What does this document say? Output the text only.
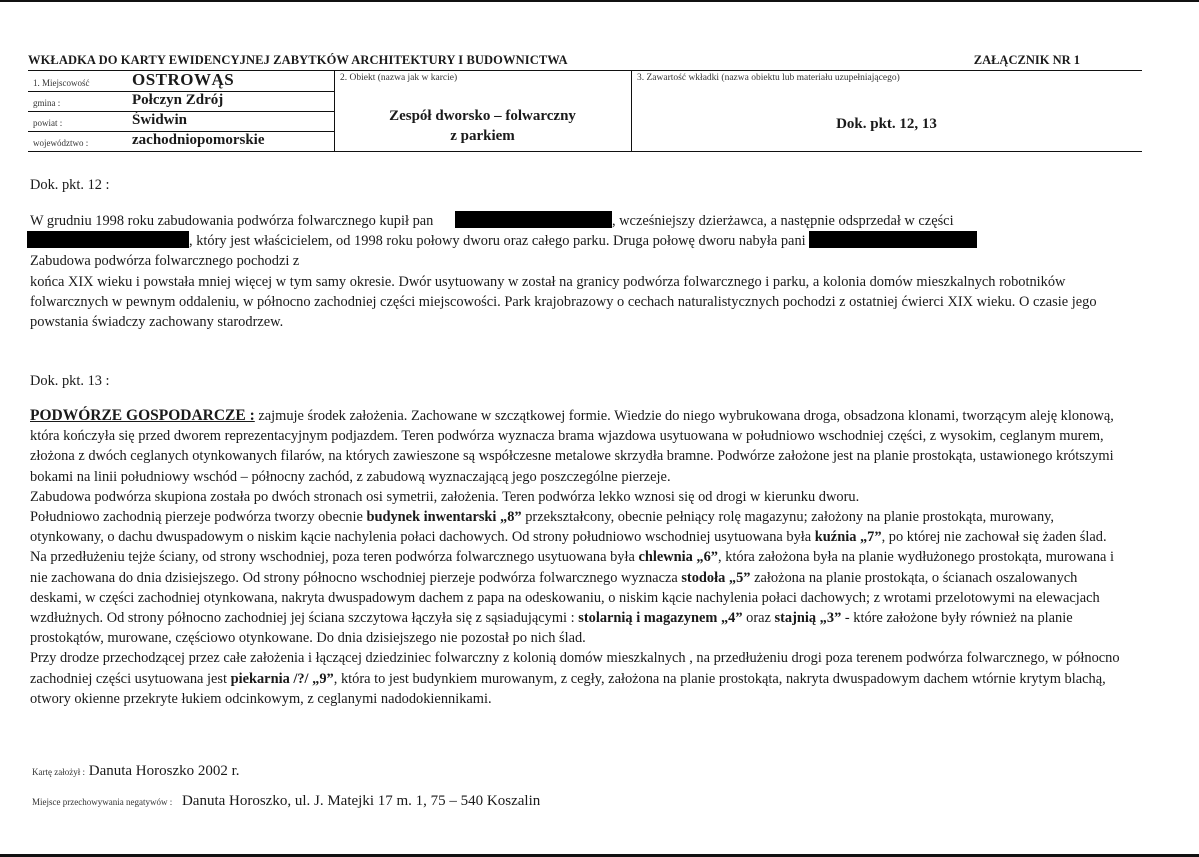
WKŁADKA DO KARTY EWIDENCYJNEJ ZABYTKÓW ARCHITEKTURY I BUDOWNICTWA	ZAŁĄCZNIK NR 1
1. Miejscowość	OSTROWĄS
gmina :	Połczyn Zdrój
powiat :	Świdwin
województwo :	zachodniopomorskie
2. Obiekt (nazwa jak w karcie)
Zespół dworsko – folwarczny
z parkiem
3. Zawartość wkładki (nazwa obiektu lub materiału uzupełniającego)
Dok. pkt. 12, 13
Dok. pkt. 12 :
W grudniu 1998 roku zabudowania podwórza folwarcznego kupił pan	, wcześniejszy dzierżawca, a następnie odsprzedał w części
, który jest właścicielem, od 1998 roku połowy dworu oraz całego parku. Druga połowę dworu nabyła pani
Zabudowa podwórza folwarcznego pochodzi z
końca XIX wieku i powstała mniej więcej w tym samy okresie. Dwór usytuowany w został na granicy podwórza folwarcznego i parku, a kolonia domów mieszkalnych robotników folwarcznych w pewnym oddaleniu, w północno zachodniej części miejscowości. Park krajobrazowy o cechach naturalistycznych pochodzi z ostatniej ćwierci XIX wieku. O czasie jego powstania świadczy zachowany starodrzew.
Dok. pkt. 13 :
PODWÓRZE GOSPODARCZE : zajmuje środek założenia. Zachowane w szczątkowej formie. Wiedzie do niego wybrukowana droga, obsadzona klonami, tworzącym aleję klonową, która kończyła się przed dworem reprezentacyjnym podjazdem. Teren podwórza wyznacza brama wjazdowa usytuowana w południowo wschodniej części, z wysokim, ceglanym murem, złożona z dwóch ceglanych otynkowanych filarów, na których zawieszone są współczesne metalowe skrzydła bramne. Podwórze założone jest na planie prostokąta, ustawionego krótszymi bokami na linii południowy wschód – północny zachód, z zabudową wyznaczającą jego poszczególne pierzeje.
Zabudowa podwórza skupiona została po dwóch stronach osi symetrii, założenia. Teren podwórza lekko wznosi się od drogi w kierunku dworu.
Południowo zachodnią pierzeje podwórza tworzy obecnie budynek inwentarski „8” przekształcony, obecnie pełniący rolę magazynu; założony na planie prostokąta, murowany, otynkowany, o dachu dwuspadowym o niskim kącie nachylenia połaci dachowych. Od strony południowo wschodniej usytuowana była kuźnia „7”, po której nie zachował się żaden ślad. Na przedłużeniu tejże ściany, od strony wschodniej, poza teren podwórza folwarcznego usytuowana była chlewnia „6”, która założona była na planie wydłużonego prostokąta, murowana i nie zachowana do dnia dzisiejszego. Od strony północno wschodniej pierzeje podwórza folwarcznego wyznacza stodoła „5” założona na planie prostokąta, o ścianach oszalowanych deskami, w części zachodniej otynkowana, nakryta dwuspadowym dachem z papa na odeskowaniu, o niskim kącie nachylenia połaci dachowych; z wrotami przelotowymi na elewacjach wzdłużnych. Od strony północno zachodniej jej ściana szczytowa łączyła się z sąsiadującymi : stolarnią i magazynem „4” oraz stajnią „3” - które założone były również na planie prostokątów, murowane, częściowo otynkowane. Do dnia dzisiejszego nie pozostał po nich ślad.
Przy drodze przechodzącej przez całe założenia i łączącej dziedziniec folwarczny z kolonią domów mieszkalnych , na przedłużeniu drogi poza terenem podwórza folwarcznego, w północno zachodniej części usytuowana jest piekarnia /?/ „9”, która to jest budynkiem murowanym, z cegły, założona na planie prostokąta, nakryta dwuspadowym dachem wtórnie krytym blachą, otwory okienne przekryte łukiem odcinkowym, z ceglanymi nadodokiennikami.
Kartę założył : Danuta Horoszko 2002 r.
Miejsce przechowywania negatywów : Danuta Horoszko, ul. J. Matejki 17 m. 1, 75 – 540 Koszalin
